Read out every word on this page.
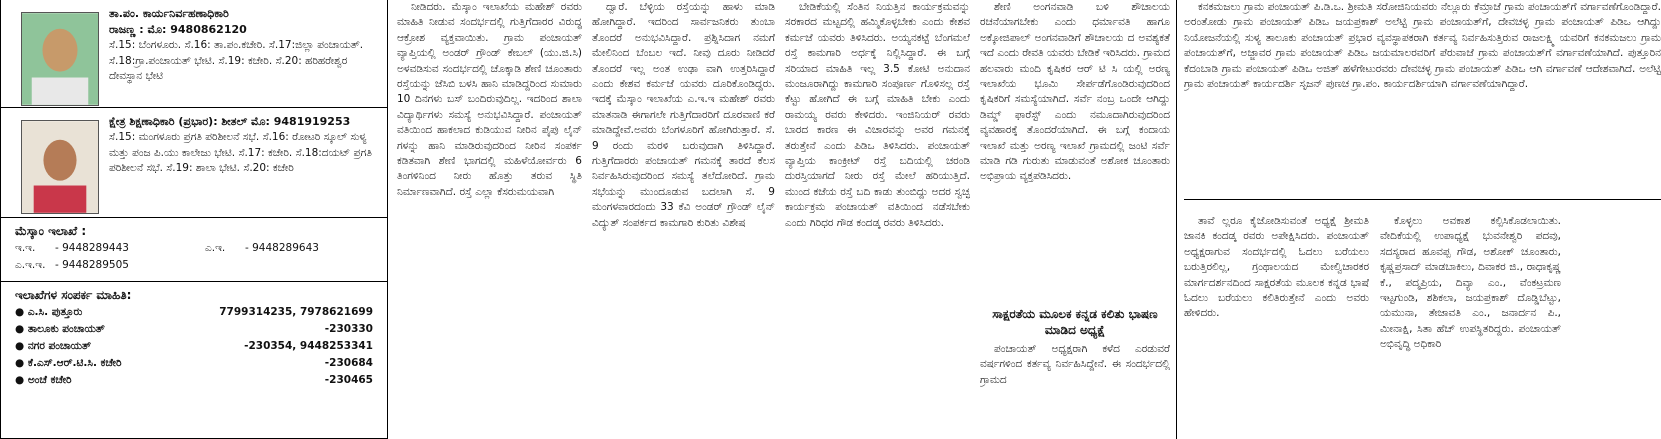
ತಾ.ಪಂ. ಕಾರ್ಯನಿರ್ವಹಣಾಧಿಕಾರಿ
ರಾಜಣ್ಣ : ಮೊ: 9480862120
ಸೆ.15: ಬೆಂಗಳೂರು. ಸೆ.16: ತಾ.ಪಂ.ಕಚೇರಿ. ಸೆ.17:ಜಿಲ್ಲಾ ಪಂಚಾಯತ್. ಸೆ.18:ಗ್ರಾ.ಪಂಚಾಯತ್ ಭೇಟಿ. ಸೆ.19: ಕಚೇರಿ. ಸೆ.20: ಹರಿಹರೇಶ್ವರ ದೇವಸ್ಥಾನ ಭೇಟಿ
ಕ್ಷೇತ್ರ ಶಿಕ್ಷಣಾಧಿಕಾರಿ (ಪ್ರಭಾರ): ಶೀತಲ್ ಮೊ: 9481919253
ಸೆ.15: ಮಂಗಳೂರು ಪ್ರಗತಿ ಪರಿಶೀಲನೆ ಸಭೆ. ಸೆ.16: ರೋಟರಿ ಸ್ಕೂಲ್ ಸುಳ್ಯ ಮತ್ತು ಪಂಜ ಪಿ.ಯು ಕಾಲೇಜು ಭೇಟಿ. ಸೆ.17: ಕಚೇರಿ. ಸೆ.18:ದಯಟ್ ಪ್ರಗತಿ ಪರಿಶೀಲನೆ ಸಭೆ. ಸೆ.19: ಶಾಲಾ ಭೇಟಿ. ಸೆ.20: ಕಚೇರಿ
ಮೆಸ್ಕಾಂ ಇಲಾಖೆ :
ಇ.ಇ.	- 9448289443	ಎ.ಇ.	- 9448289643
ಎ.ಇ.ಇ. - 9448289505
ಇಲಾಖೆಗಳ ಸಂಪರ್ಕ ಮಾಹಿತಿ:
● ಎ.ಸಿ. ಪುತ್ತೂರು	7799314235, 7978621699
● ತಾಲೂಕು ಪಂಚಾಯತ್	-230330
● ನಗರ ಪಂಚಾಯತ್	-230354, 9448253341
● ಕೆ.ಎಸ್.ಆರ್.ಟಿ.ಸಿ. ಕಚೇರಿ	-230684
● ಅಂಚೆ ಕಚೇರಿ	-230465

ನೀಡಿದರು. ಮೆಸ್ಕಾಂ ಇಲಾಖೆಯ ಮಹೇಶ್ ರವರು ಮಾಹಿತಿ ನೀಡುವ ಸಂದರ್ಭದಲ್ಲಿ ಗುತ್ತಿಗೆದಾರರ ವಿರುದ್ಧ ಆಕ್ರೋಶ ವ್ಯಕ್ತವಾಯಿತು. ಗ್ರಾಮ ಪಂಚಾಯತ್ ವ್ಯಾಪ್ತಿಯಲ್ಲಿ ಅಂಡರ್ ಗ್ರೌಂಡ್ ಕೇಬಲ್ (ಯು.ಜಿ.ಸಿ) ಅಳವಡಿಸುವ ಸಂದರ್ಭದಲ್ಲಿ ಚೊಕ್ಕಾಡಿ ಶೇಣಿ ಚೂಂತಾರು ರಸ್ತೆಯನ್ನು ಜೆಸಿಬಿ ಬಳಸಿ ಹಾನಿ ಮಾಡಿದ್ದರಿಂದ ಸುಮಾರು 10 ದಿನಗಳು ಬಸ್ ಬಂದಿರುವುದಿಲ್ಲ. ಇದರಿಂದ ಶಾಲಾ ವಿದ್ಯಾರ್ಥಿಗಳು ಸಮಸ್ಯೆ ಅನುಭವಿಸಿದ್ದಾರೆ. ಪಂಚಾಯತ್ ವತಿಯಿಂದ ಹಾಕಲಾದ ಕುಡಿಯುವ ನೀರಿನ ಪೈಪು ಲೈನ್ ಗಳನ್ನು ಹಾನಿ ಮಾಡಿರುವುದರಿಂದ ನೀರಿನ ಸಂಪರ್ಕ ಕಡಿತವಾಗಿ ಶೇಣಿ ಭಾಗದಲ್ಲಿ ಮಹಿಳೆಯೋರ್ವರು 6 ತಿಂಗಳಿನಿಂದ ನೀರು ಹೊತ್ತು ತರುವ ಸ್ಥಿತಿ ನಿರ್ಮಾಣವಾಗಿದೆ. ರಸ್ತೆ ಎಲ್ಲಾ ಕೆಸರುಮಯವಾಗಿ

ದ್ವಾರೆ. ಬೆಳ್ಳಿಯ ರಸ್ತೆಯನ್ನು ಹಾಳು ಮಾಡಿ ಹೋಗಿದ್ದಾರೆ. ಇದರಿಂದ ಸಾರ್ವಜನಿಕರು ತುಂಬಾ ತೊಂದರೆ ಅನುಭವಿಸಿದ್ದಾರೆ. ಪ್ರಶ್ನಿಸಿದಾಗ ನಮಗೆ ಮೇಲಿನಿಂದ ಬೆಂಬಲ ಇದೆ. ನೀವು ದೂರು ನೀಡಿದರೆ ತೊಂದರೆ ಇಲ್ಲ ಅಂತ ಉಢಾ ವಾಗಿ ಉತ್ತರಿಸಿದ್ದಾರೆ ಎಂದು ಕೇಶವ ಕರ್ಮಜೆ ಯವರು ದೂರಿಕೊಂಡಿದ್ದರು. ಇದಕ್ಕೆ ಮೆಸ್ಕಾಂ ಇಲಾಖೆಯ ಎ.ಇ.ಇ ಮಹೇಶ್ ರವರು ಮಾತನಾಡಿ ಈಗಾಗಲೇ ಗುತ್ತಿಗೆದಾರರಿಗೆ ದೂರವಾಣಿ ಕರೆ ಮಾಡಿದ್ದೇವೆ.ಅವರು ಬೆಂಗಳೂರಿಗೆ ಹೋಗಿರುತ್ತಾರೆ. ಸೆ. 9 ರಂದು ಮರಳಿ ಬರುವುದಾಗಿ ತಿಳಿಸಿದ್ದಾರೆ. ಗುತ್ತಿಗೆದಾರರು ಪಂಚಾಯತ್ ಗಮನಕ್ಕೆ ತಾರದೆ ಕೆಲಸ ನಿರ್ವಹಿಸಿರುವುದರಿಂದ ಸಮಸ್ಯೆ ತಲೆದೋರಿದೆ. ಗ್ರಾಮ ಸಭೆಯನ್ನು ಮುಂದೂಡುವ ಬದಲಾಗಿ ಸೆ. 9 ಮಂಗಳವಾರದಂದು 33 ಕೆವಿ ಅಂಡರ್ ಗ್ರೌಂಡ್ ಲೈನ್ ವಿದ್ಯುತ್ ಸಂಪರ್ಕದ ಕಾಮಗಾರಿ ಕುರಿತು ವಿಶೇಷ

ಬೇಡಿಕೆಯಲ್ಲಿ ಸೆಂತಿನ ನಿಯತ್ತಿನ ಕಾರ್ಯಕ್ರಮವನ್ನು ಸರಕಾರದ ಮಟ್ಟದಲ್ಲಿ ಹಮ್ಮಿಕೊಳ್ಳಬೇಕು ಎಂದು ಕೇಶವ ಕರ್ಮಜೆ ಯವರು ತಿಳಿಸಿದರು. ಅಯ್ಯನಕಟ್ಟೆ ಬೆಂಗಮಲೆ ರಸ್ತೆ ಕಾಮಗಾರಿ ಅರ್ಧಕ್ಕೆ ನಿಲ್ಲಿಸಿದ್ದಾರೆ. ಈ ಬಗ್ಗೆ ಸರಿಯಾದ ಮಾಹಿತಿ ಇಲ್ಲ 3.5 ಕೋಟಿ ಅನುದಾನ ಮಂಜೂರಾಗಿದ್ದು ಕಾಮಗಾರಿ ಸಂಪೂರ್ಣ ಗೊಳಿಸಲ್ಲ ರಸ್ತೆ ಕೆಟ್ಟು ಹೋಗಿದೆ ಈ ಬಗ್ಗೆ ಮಾಹಿತಿ ಬೇಕು ಎಂದು ರಾಮಯ್ಯ ರವರು ಕೇಳಿದರು. ಇಂಜಿನಿಯರ್ ರವರು ಬಾರದ ಕಾರಣ ಈ ವಿಚಾರವನ್ನು ಅವರ ಗಮನಕ್ಕೆ ತರುತ್ತೇನೆ ಎಂದು ಪಿಡಿಒ ತಿಳಿಸಿದರು. ಪಂಚಾಯತ್ ವ್ಯಾಪ್ತಿಯ ಕಾಂಕ್ರೀಟ್ ರಸ್ತೆ ಬದಿಯಲ್ಲಿ ಚರಂಡಿ ದುರಸ್ತಿಯಾಗದೆ ನೀರು ರಸ್ತೆ ಮೇಲೆ ಹರಿಯುತ್ತಿದೆ. ಮುಂದ ಕಜೆಯ ರಸ್ತೆ ಬದಿ ಕಾಡು ತುಂಬಿದ್ದು ಅದರ ಸ್ವಚ್ಛ ಕಾರ್ಯಕ್ರಮ ಪಂಚಾಯತ್ ವತಿಯಿಂದ ನಡೆಸಬೇಕು ಎಂದು ಗಿರಿಧರ ಗೌಡ ಕಂದಡ್ಕ ರವರು ತಿಳಿಸಿದರು.

ಶೇಣಿ ಅಂಗನವಾಡಿ ಬಳಿ ಶೌಚಾಲಯ ರಚನೆಯಾಗಬೇಕು ಎಂದು ಧರ್ಮಾವತಿ ಹಾಗೂ ಅಕ್ಕೋಜಿಪಾಲ್ ಅಂಗನವಾಡಿಗೆ ಶೌಚಾಲಯ ದ ಅವಶ್ಯಕತೆ ಇದೆ ಎಂದು ರೇವತಿ ಯವರು ಬೇಡಿಕೆ ಇರಿಸಿದರು. ಗ್ರಾಮದ ಹಲವಾರು ಮಂದಿ ಕೃಷಿಕರ ಆರ್ ಟಿ ಸಿ ಯಲ್ಲಿ ಅರಣ್ಯ ಇಲಾಖೆಯ ಭೂಮಿ ಸೇರ್ಪಡೆಗೊಂಡಿರುವುದರಿಂದ ಕೃಷಿಕರಿಗೆ ಸಮಸ್ಯೆಯಾಗಿದೆ. ಸರ್ವೆ ನಂಬ್ರ ಒಂದೇ ಆಗಿದ್ದು ಡಿಮ್ಡ್ ಫಾರೆಸ್ಟ್ ಎಂದು ನಮೂದಾಗಿರುವುದರಿಂದ ವ್ಯವಹಾರಕ್ಕೆ ತೊಂದರೆಯಾಗಿದೆ. ಈ ಬಗ್ಗೆ ಕಂದಾಯ ಇಲಾಖೆ ಮತ್ತು ಅರಣ್ಯ ಇಲಾಖೆ ಗ್ರಾಮದಲ್ಲಿ ಜಂಟಿ ಸರ್ವೆ ಮಾಡಿ ಗಡಿ ಗುರುತು ಮಾಡುವಂತೆ ಅಶೋಕ ಚೂಂತಾರು ಅಭಿಪ್ರಾಯ ವ್ಯಕ್ತಪಡಿಸಿದರು.

ಸಾಕ್ಷರತೆಯ ಮೂಲಕ ಕನ್ನಡ ಕಲಿತು ಭಾಷಣ ಮಾಡಿದ ಅಧ್ಯಕ್ಷೆ

ಪಂಚಾಯತ್ ಅಧ್ಯಕ್ಷರಾಗಿ ಕಳೆದ ಎರಡುವರೆ ವರ್ಷಗಳಿಂದ ಕರ್ತವ್ಯ ನಿರ್ವಹಿಸಿದ್ದೇನೆ. ಈ ಸಂದರ್ಭದಲ್ಲಿ ಗ್ರಾಮದ

ಕನಕಮಜಲು ಗ್ರಾಮ ಪಂಚಾಯತ್ ಪಿ.ಡಿ.ಒ. ಶ್ರೀಮತಿ ಸರೋಜಿನಿಯವರು ನೆಲ್ಲೂರು ಕೆಮ್ರಾಜೆ ಗ್ರಾಮ ಪಂಚಾಯತ್‌ಗೆ ವರ್ಗಾವಣೆಗೊಂಡಿದ್ದಾರೆ. ಅರಂತೋಡು ಗ್ರಾಮ ಪಂಚಾಯತ್ ಪಿಡಿಒ ಜಯಪ್ರಕಾಶ್ ಅಲೆಟ್ಟಿ ಗ್ರಾಮ ಪಂಚಾಯತ್‌ಗೆ, ದೇವಚಳ್ಳ ಗ್ರಾಮ ಪಂಚಾಯತ್ ಪಿಡಿಒ ಆಗಿದ್ದು ನಿಯೋಜನೆಯಲ್ಲಿ ಸುಳ್ಯ ತಾಲೂಕು ಪಂಚಾಯತ್ ಪ್ರಭಾರ ವ್ಯವಸ್ಥಾಪಕರಾಗಿ ಕರ್ತವ್ಯ ನಿರ್ವಹಿಸುತ್ತಿರುವ ರಾಜಲಕ್ಷ್ಮಿ ಯವರಿಗೆ ಕನಕಮಜಲು ಗ್ರಾಮ ಪಂಚಾಯತ್‌ಗೆ, ಅಜ್ಜಾವರ ಗ್ರಾಮ ಪಂಚಾಯತ್ ಪಿಡಿಒ ಜಯಮಾಲರವರಿಗೆ ಪೆರುವಾಜೆ ಗ್ರಾಮ ಪಂಚಾಯತ್‌ಗೆ ವರ್ಗಾವಣೆಯಾಗಿದೆ. ಪುತ್ತೂರಿನ ಕೆದಂಬಾಡಿ ಗ್ರಾಮ ಪಂಚಾಯತ್ ಪಿಡಿಒ ಅಜಿತ್ ಹಳೆಗೇಟುರವರು ದೇವಚಳ್ಳ ಗ್ರಾಮ ಪಂಚಾಯತ್ ಪಿಡಿಒ ಆಗಿ ವರ್ಗಾವಣೆ ಆದೇಶವಾಗಿದೆ. ಅಲೆಟ್ಟಿ ಗ್ರಾಮ ಪಂಚಾಯತ್ ಕಾರ್ಯದರ್ಶಿ ಸೃಜನ್ ಪುಣಚ ಗ್ರಾ.ಪಂ. ಕಾರ್ಯದರ್ಶಿಯಾಗಿ ವರ್ಗಾವಣೆಯಾಗಿದ್ದಾರೆ.

ತಾವೆ ಲ್ಲರೂ ಕೈಜೋಡಿಸುವಂತೆ ಅಧ್ಯಕ್ಷೆ ಶ್ರೀಮತಿ ಜಾನಕಿ ಕಂದಡ್ಕ ರವರು ಅಪೇಕ್ಷಿಸಿದರು. ಪಂಚಾಯತ್ ಅಧ್ಯಕ್ಷರಾಗುವ ಸಂದರ್ಭದಲ್ಲಿ ಓದಲು ಬರೆಯಲು ಬರುತ್ತಿರಲಿಲ್ಲ, ಗ್ರಂಥಾಲಯದ ಮೇಲ್ವಿಚಾರಕರ ಮಾರ್ಗದರ್ಶನದಿಂದ ಸಾಕ್ಷರತೆಯ ಮೂಲಕ ಕನ್ನಡ ಭಾಷೆ ಓದಲು ಬರೆಯಲು ಕಲಿತಿರುತ್ತೇನೆ ಎಂದು ಅವರು ಹೇಳಿದರು.

ಕೊಳ್ಳಲು ಅವಕಾಶ ಕಲ್ಪಿಸಿಕೊಡಲಾಯಿತು. ವೇದಿಕೆಯಲ್ಲಿ ಉಪಾಧ್ಯಕ್ಷೆ ಭುವನೇಶ್ವರಿ ಪದವು, ಸದಸ್ಯರಾದ ಹೂವಪ್ಪ ಗೌಡ, ಅಶೋಕ್ ಚೂಂತಾರು, ಕೃಷ್ಣಪ್ರಸಾದ್ ಮಾಡಬಾಕಿಲು, ದಿವಾಕರ ಜಿ., ರಾಧಾಕೃಷ್ಣ ಕೆ., ಪದ್ಮಪ್ರಿಯ, ದಿವ್ಯಾ ಎಂ., ವೆಂಕಟ್ರಮಣ ಇಟ್ಟಗುಂಡಿ, ಶಶಿಕಲಾ, ಜಯಪ್ರಕಾಶ್ ದೊಡ್ಡಿಬೆಟ್ಟು, ಯಮುನಾ, ತೇಜಾವತಿ ಎಂ., ಜನಾರ್ದನ ಪಿ., ಮೀನಾಕ್ಷಿ, ಸಿತಾ ಹೆಚ್ ಉಪಸ್ಥಿತರಿದ್ದರು. ಪಂಚಾಯತ್ ಅಭಿವೃದ್ಧಿ ಅಧಿಕಾರಿ
